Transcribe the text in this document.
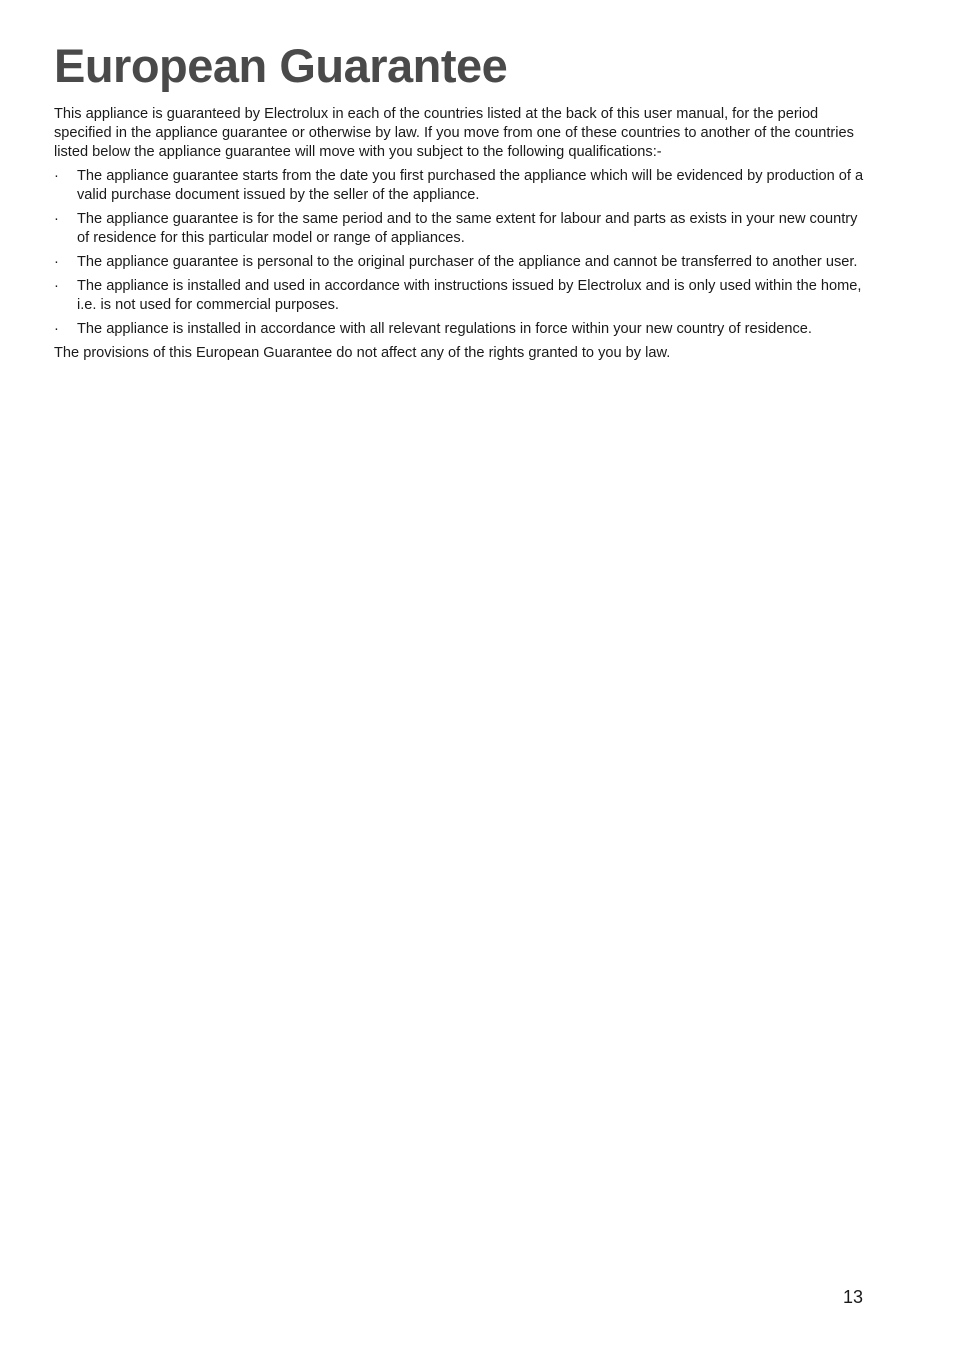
European Guarantee

This appliance is guaranteed by Electrolux in each of the countries listed at the back of this user manual, for the period specified in the appliance guarantee or otherwise by law. If you move from one of these countries to another of the countries listed below the appliance guarantee will move with you subject to the following qualifications:-

·	The appliance guarantee starts from the date you first purchased the appliance which will be evidenced by production of a valid purchase document issued by the seller of the appliance.
·	The appliance guarantee is for the same period and to the same extent for labour and parts as exists in your new country of residence for this particular model or range of appliances.
·	The appliance guarantee is personal to the original purchaser of the appliance and cannot be transferred to another user.
·	The appliance is installed and used in accordance with instructions issued by Electrolux and is only used within the home, i.e. is not used for commercial purposes.
·	The appliance is installed in accordance with all relevant regulations in force within your new country of residence.

The provisions of this European Guarantee do not affect any of the rights granted to you by law.

13
